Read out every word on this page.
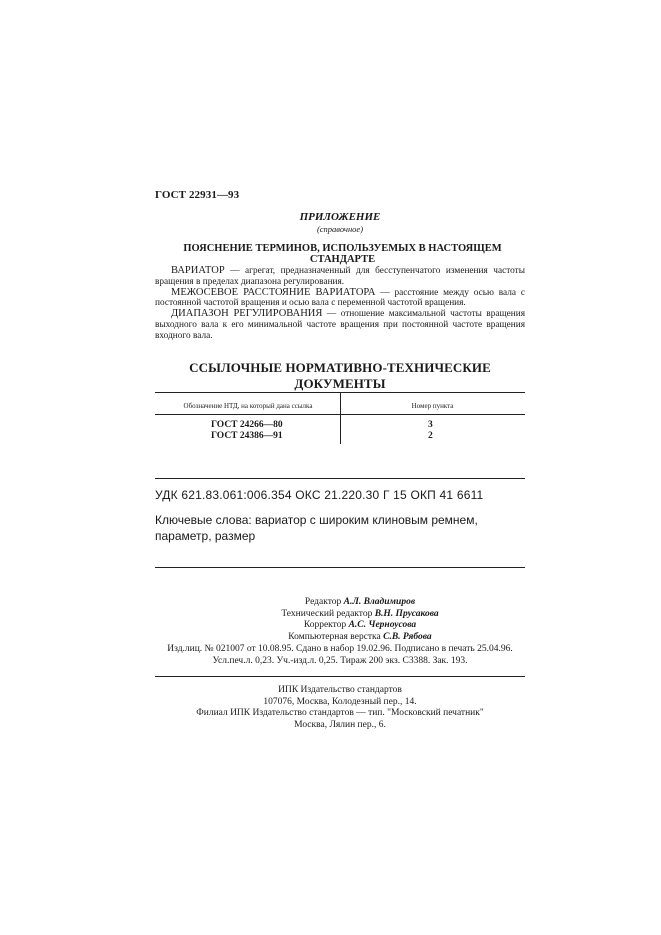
ГОСТ 22931—93
ПРИЛОЖЕНИЕ
(справочное)
ПОЯСНЕНИЕ ТЕРМИНОВ, ИСПОЛЬЗУЕМЫХ В НАСТОЯЩЕМ СТАНДАРТЕ

ВАРИАТОР — агрегат, предназначенный для бесступенчатого изменения частоты вращения в пределах диапазона регулирования.

МЕЖОСЕВОЕ РАССТОЯНИЕ ВАРИАТОРА — расстояние между осью вала с постоянной частотой вращения и осью вала с переменной частотой вращения.

ДИАПАЗОН РЕГУЛИРОВАНИЯ — отношение максимальной частоты вращения выходного вала к его минимальной частоте вращения при постоянной частоте вращения входного вала.

ССЫЛОЧНЫЕ НОРМАТИВНО-ТЕХНИЧЕСКИЕ ДОКУМЕНТЫ
Обозначение НТД, на который дана ссылка	Номер пункта
ГОСТ 24266—80	3
ГОСТ 24386—91	2
УДК 621.83.061:006.354 ОКС 21.220.30 Г 15 ОКП 41 6611
Ключевые слова: вариатор с широким клиновым ремнем, параметр, размер
Редактор А.Л. Владимиров
Технический редактор В.Н. Прусакова
Корректор А.С. Черноусова
Компьютерная верстка С.В. Рябова
Изд.лиц. № 021007 от 10.08.95. Сдано в набор 19.02.96. Подписано в печать 25.04.96.
Усл.печ.л. 0,23. Уч.-изд.л. 0,25. Тираж 200 экз. С3388. Зак. 193.
ИПК Издательство стандартов
107076, Москва, Колодезный пер., 14.
Филиал ИПК Издательство стандартов — тип. "Московский печатник"
Москва, Лялин пер., 6.
